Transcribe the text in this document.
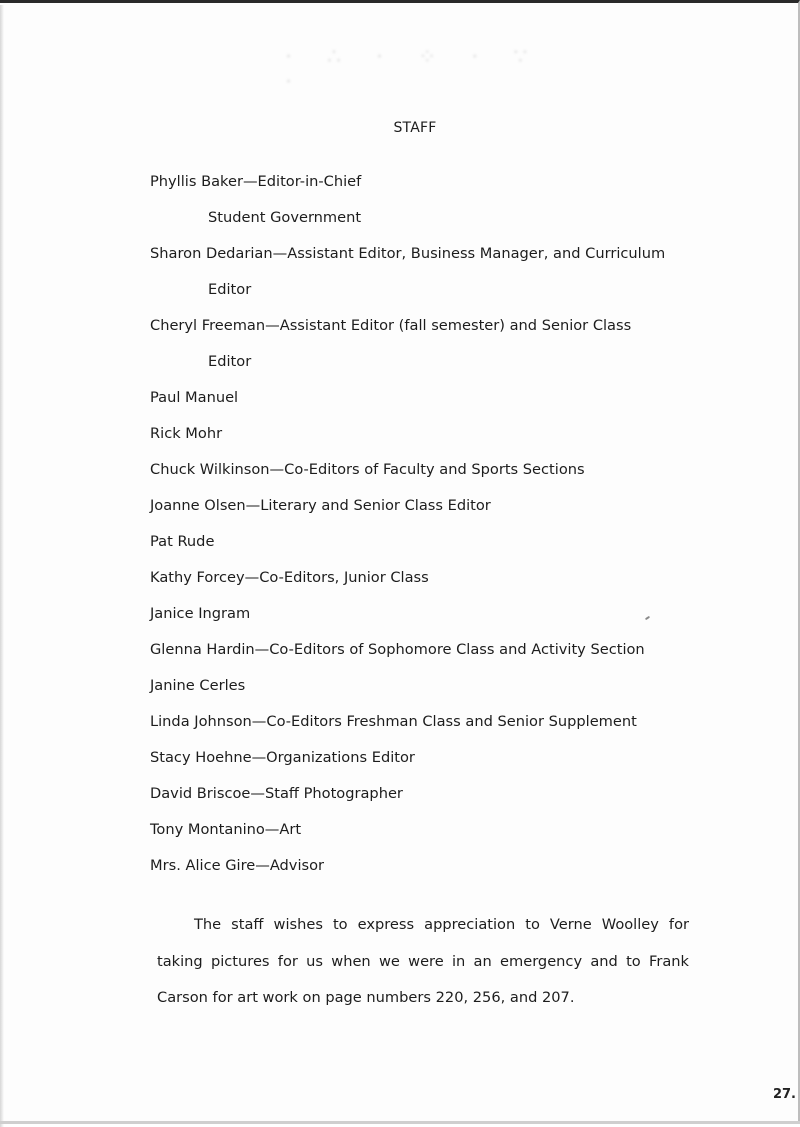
· ∴ · ⁘ · ∵ ·
STAFF
Phyllis Baker—Editor-in-Chief
Student Government
Sharon Dedarian—Assistant Editor, Business Manager, and Curriculum
Editor
Cheryl Freeman—Assistant Editor (fall semester) and Senior Class
Editor
Paul Manuel
Rick Mohr
Chuck Wilkinson—Co-Editors of Faculty and Sports Sections
Joanne Olsen—Literary and Senior Class Editor
Pat Rude
Kathy Forcey—Co-Editors, Junior Class
Janice Ingram
Glenna Hardin—Co-Editors of Sophomore Class and Activity Section
Janine Cerles
Linda Johnson—Co-Editors Freshman Class and Senior Supplement
Stacy Hoehne—Organizations Editor
David Briscoe—Staff Photographer
Tony Montanino—Art
Mrs. Alice Gire—Advisor

The staff wishes to express appreciation to Verne Woolley for taking pictures for us when we were in an emergency and to Frank Carson for art work on page numbers 220, 256, and 207.

27.
